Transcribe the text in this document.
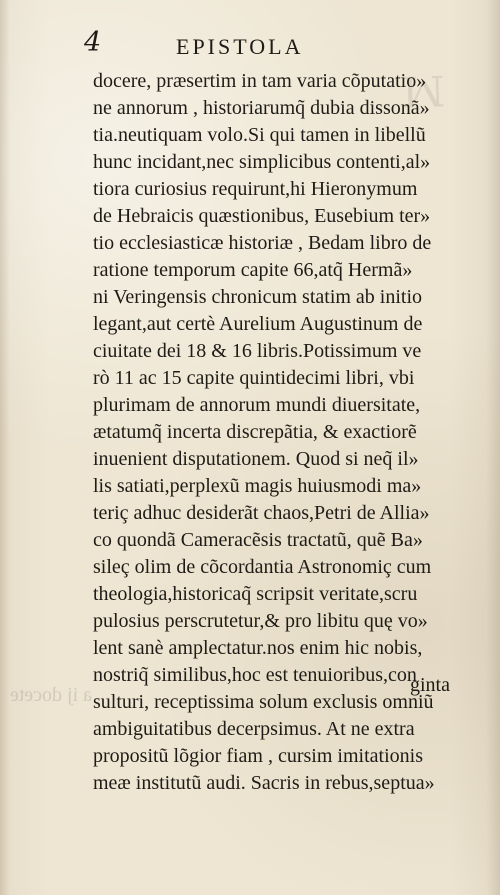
ꟽ
4	EPISTOLA
docere, præsertim in tam varia cõputatio»
ne annorum , historiarumq̃ dubia dissonã»
tia.neutiquam volo.Si qui tamen in libellũ
hunc incidant,nec simplicibus contenti,al»
tiora curiosius requirunt,hi Hieronymum
de Hebraicis quæstionibus, Eusebium ter»
tio ecclesiasticæ historiæ , Bedam libro de
ratione temporum capite 66,atq̃ Hermã»
ni Veringensis chronicum statim ab initio
legant,aut certè Aurelium Augustinum de
ciuitate dei 18 & 16 libris.Potissimum ve
rò 11 ac 15 capite quintidecimi libri, vbi
plurimam de annorum mundi diuersitate,
ætatumq̃ incerta discrepãtia, & exactiorẽ
inuenient disputationem. Quod si neq̃ il»
lis satiati,perplexũ magis huiusmodi ma»
teriç adhuc desiderãt chaos,Petri de Allia»
co quondã Cameracẽsis tractatũ, quẽ Ba»
sileç olim de cõcordantia Astronomiç cum
theologia,historicaq̃ scripsit veritate,scru
pulosius perscrutetur,& pro libitu quę vo»
lent sanè amplectatur.nos enim hic nobis,
nostriq̃ similibus,hoc est tenuioribus,con
sulturi, receptissima solum exclusis omniũ
ambiguitatibus decerpsimus. At ne extra
propositũ lõgior fiam , cursim imitationis
meæ institutũ audi. Sacris in rebus,septua»
ginta
a ij docete
